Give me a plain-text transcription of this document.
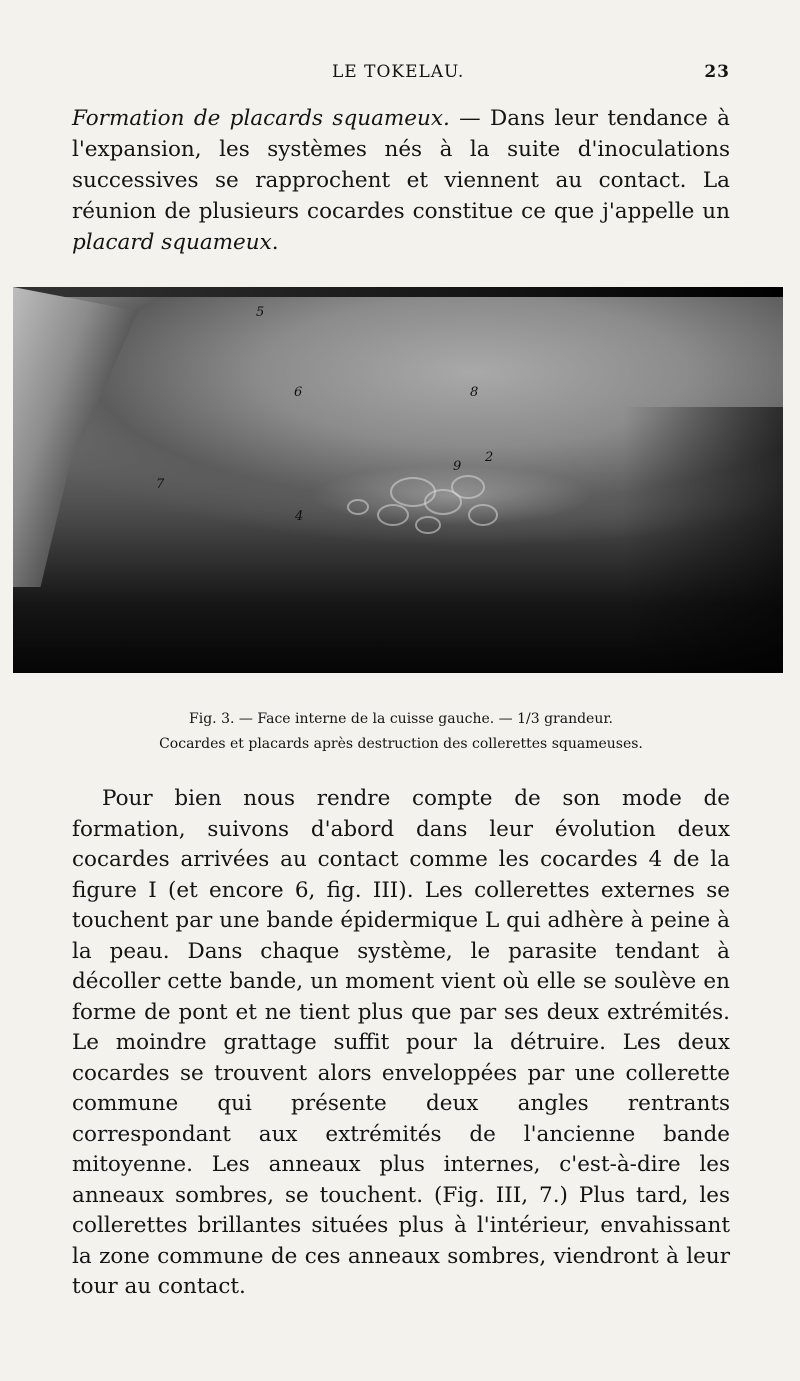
LE TOKELAU.	23
Formation de placards squameux. — Dans leur tendance à l'expansion, les systèmes nés à la suite d'inoculations successives se rapprochent et viennent au contact. La réunion de plusieurs cocardes constitue ce que j'appelle un placard squameux.
5
6	8
7
2
9
4
Fig. 3. — Face interne de la cuisse gauche. — 1/3 grandeur.
Cocardes et placards après destruction des collerettes squameuses.
Pour bien nous rendre compte de son mode de formation, suivons d'abord dans leur évolution deux cocardes arrivées au contact comme les cocardes 4 de la figure I (et encore 6, fig. III). Les collerettes externes se touchent par une bande épidermique L qui adhère à peine à la peau. Dans chaque système, le parasite tendant à décoller cette bande, un moment vient où elle se soulève en forme de pont et ne tient plus que par ses deux extrémités. Le moindre grattage suffit pour la détruire. Les deux cocardes se trouvent alors enveloppées par une collerette commune qui présente deux angles rentrants correspondant aux extrémités de l'ancienne bande mitoyenne. Les anneaux plus internes, c'est-à-dire les anneaux sombres, se touchent. (Fig. III, 7.) Plus tard, les collerettes brillantes situées plus à l'intérieur, envahissant la zone commune de ces anneaux sombres, viendront à leur tour au contact.
